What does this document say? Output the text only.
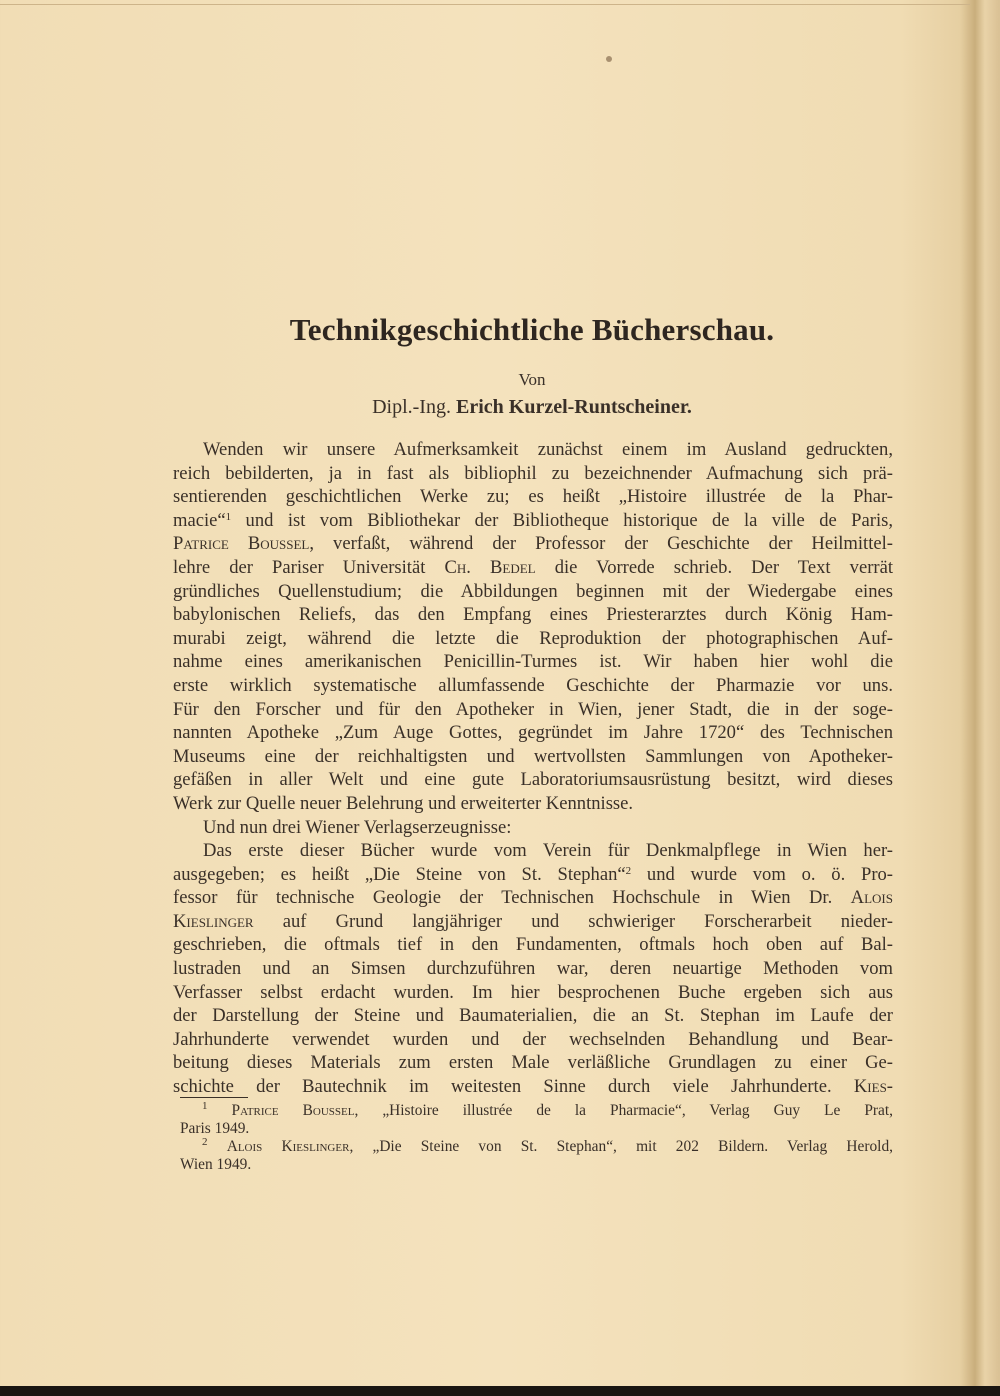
Technikgeschichtliche Bücherschau.
Von
Dipl.-Ing. Erich Kurzel-Runtscheiner.
Wenden wir unsere Aufmerksamkeit zunächst einem im Ausland gedruckten,
reich bebilderten, ja in fast als bibliophil zu bezeichnender Aufmachung sich prä-
sentierenden geschichtlichen Werke zu; es heißt „Histoire illustrée de la Phar-
macie“$^1$ und ist vom Bibliothekar der Bibliotheque historique de la ville de Paris,
Patrice Boussel, verfaßt, während der Professor der Geschichte der Heilmittel-
lehre der Pariser Universität Ch. Bedel die Vorrede schrieb. Der Text verrät
gründliches Quellenstudium; die Abbildungen beginnen mit der Wiedergabe eines
babylonischen Reliefs, das den Empfang eines Priesterarztes durch König Ham-
murabi zeigt, während die letzte die Reproduktion der photographischen Auf-
nahme eines amerikanischen Penicillin-Turmes ist. Wir haben hier wohl die
erste wirklich systematische allumfassende Geschichte der Pharmazie vor uns.
Für den Forscher und für den Apotheker in Wien, jener Stadt, die in der soge-
nannten Apotheke „Zum Auge Gottes, gegründet im Jahre 1720“ des Technischen
Museums eine der reichhaltigsten und wertvollsten Sammlungen von Apotheker-
gefäßen in aller Welt und eine gute Laboratoriumsausrüstung besitzt, wird dieses
Werk zur Quelle neuer Belehrung und erweiterter Kenntnisse.
Und nun drei Wiener Verlagserzeugnisse:
Das erste dieser Bücher wurde vom Verein für Denkmalpflege in Wien her-
ausgegeben; es heißt „Die Steine von St. Stephan“$^2$ und wurde vom o. ö. Pro-
fessor für technische Geologie der Technischen Hochschule in Wien Dr. Alois
Kieslinger auf Grund langjähriger und schwieriger Forscherarbeit nieder-
geschrieben, die oftmals tief in den Fundamenten, oftmals hoch oben auf Bal-
lustraden und an Simsen durchzuführen war, deren neuartige Methoden vom
Verfasser selbst erdacht wurden. Im hier besprochenen Buche ergeben sich aus
der Darstellung der Steine und Baumaterialien, die an St. Stephan im Laufe der
Jahrhunderte verwendet wurden und der wechselnden Behandlung und Bear-
beitung dieses Materials zum ersten Male verläßliche Grundlagen zu einer Ge-
schichte der Bautechnik im weitesten Sinne durch viele Jahrhunderte. Kies-
$^1$ Patrice Boussel, „Histoire illustrée de la Pharmacie“, Verlag Guy Le Prat,
Paris 1949.
$^2$ Alois Kieslinger, „Die Steine von St. Stephan“, mit 202 Bildern. Verlag Herold,
Wien 1949.
